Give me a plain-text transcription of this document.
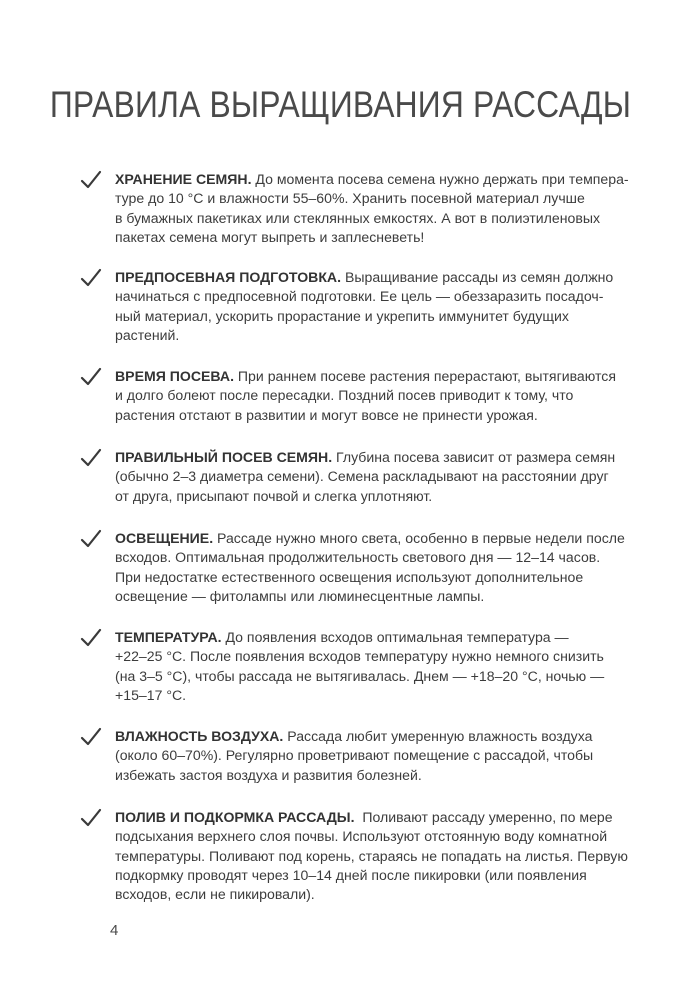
ПРАВИЛА ВЫРАЩИВАНИЯ РАССАДЫ
ХРАНЕНИЕ СЕМЯН. До момента посева семена нужно держать при темпера-
туре до 10 °С и влажности 55–60%. Хранить посевной материал лучше
в бумажных пакетиках или стеклянных емкостях. А вот в полиэтиленовых
пакетах семена могут выпреть и заплесневеть!
ПРЕДПОСЕВНАЯ ПОДГОТОВКА. Выращивание рассады из семян должно
начинаться с предпосевной подготовки. Ее цель — обеззаразить посадоч-
ный материал, ускорить прорастание и укрепить иммунитет будущих
растений.
ВРЕМЯ ПОСЕВА. При раннем посеве растения перерастают, вытягиваются
и долго болеют после пересадки. Поздний посев приводит к тому, что
растения отстают в развитии и могут вовсе не принести урожая.
ПРАВИЛЬНЫЙ ПОСЕВ СЕМЯН. Глубина посева зависит от размера семян
(обычно 2–3 диаметра семени). Семена раскладывают на расстоянии друг
от друга, присыпают почвой и слегка уплотняют.
ОСВЕЩЕНИЕ. Рассаде нужно много света, особенно в первые недели после
всходов. Оптимальная продолжительность светового дня — 12–14 часов.
При недостатке естественного освещения используют дополнительное
освещение — фитолампы или люминесцентные лампы.
ТЕМПЕРАТУРА. До появления всходов оптимальная температура —
+22–25 °С. После появления всходов температуру нужно немного снизить
(на 3–5 °С), чтобы рассада не вытягивалась. Днем — +18–20 °С, ночью —
+15–17 °С.
ВЛАЖНОСТЬ ВОЗДУХА. Рассада любит умеренную влажность воздуха
(около 60–70%). Регулярно проветривают помещение с рассадой, чтобы
избежать застоя воздуха и развития болезней.
ПОЛИВ И ПОДКОРМКА РАССАДЫ.  Поливают рассаду умеренно, по мере
подсыхания верхнего слоя почвы. Используют отстоянную воду комнатной
температуры. Поливают под корень, стараясь не попадать на листья. Первую
подкормку проводят через 10–14 дней после пикировки (или появления
всходов, если не пикировали).
4
